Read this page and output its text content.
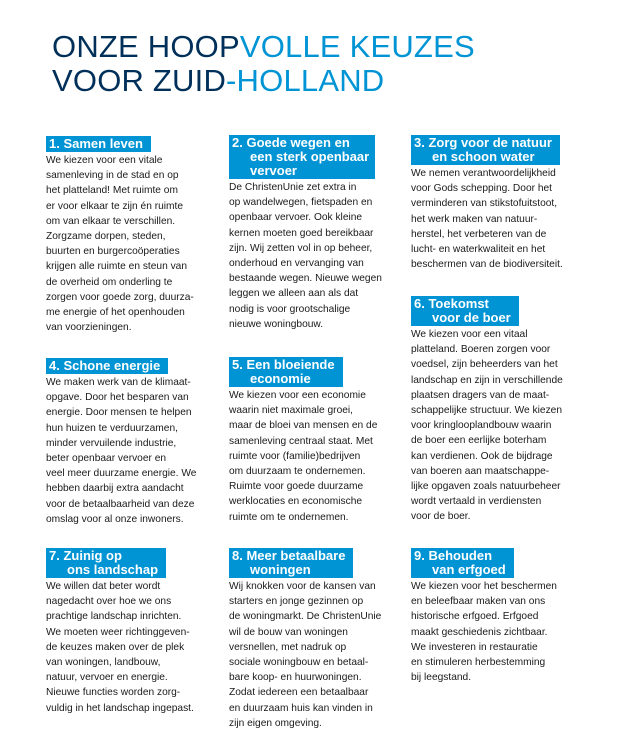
ONZE HOOPVOLLE KEUZES
VOOR ZUID-HOLLAND
1. Samen leven
We kiezen voor een vitale
samenleving in de stad en op
het platteland! Met ruimte om
er voor elkaar te zijn én ruimte
om van elkaar te verschillen.
Zorgzame dorpen, steden,
buurten en burgercoöperaties
krijgen alle ruimte en steun van
de overheid om onderling te
zorgen voor goede zorg, duurza-
me energie of het openhouden
van voorzieningen.
2. Goede wegen en
een sterk openbaar
vervoer
De ChristenUnie zet extra in
op wandelwegen, fietspaden en
openbaar vervoer. Ook kleine
kernen moeten goed bereikbaar
zijn. Wij zetten vol in op beheer,
onderhoud en vervanging van
bestaande wegen. Nieuwe wegen
leggen we alleen aan als dat
nodig is voor grootschalige
nieuwe woningbouw.
3. Zorg voor de natuur
en schoon water
We nemen verantwoordelijkheid
voor Gods schepping. Door het
verminderen van stikstofuitstoot,
het werk maken van natuur-
herstel, het verbeteren van de
lucht- en waterkwaliteit en het
beschermen van de biodiversiteit.
4. Schone energie
We maken werk van de klimaat-
opgave. Door het besparen van
energie. Door mensen te helpen
hun huizen te verduurzamen,
minder vervuilende industrie,
beter openbaar vervoer en
veel meer duurzame energie. We
hebben daarbij extra aandacht
voor de betaalbaarheid van deze
omslag voor al onze inwoners.
5. Een bloeiende
economie
We kiezen voor een economie
waarin niet maximale groei,
maar de bloei van mensen en de
samenleving centraal staat. Met
ruimte voor (familie)bedrijven
om duurzaam te ondernemen.
Ruimte voor goede duurzame
werklocaties en economische
ruimte om te ondernemen.
6. Toekomst
voor de boer
We kiezen voor een vitaal
platteland. Boeren zorgen voor
voedsel, zijn beheerders van het
landschap en zijn in verschillende
plaatsen dragers van de maat-
schappelijke structuur. We kiezen
voor kringlooplandbouw waarin
de boer een eerlijke boterham
kan verdienen. Ook de bijdrage
van boeren aan maatschappe-
lijke opgaven zoals natuurbeheer
wordt vertaald in verdiensten
voor de boer.
7. Zuinig op
ons landschap
We willen dat beter wordt
nagedacht over hoe we ons
prachtige landschap inrichten.
We moeten weer richtinggeven-
de keuzes maken over de plek
van woningen, landbouw,
natuur, vervoer en energie.
Nieuwe functies worden zorg-
vuldig in het landschap ingepast.
8. Meer betaalbare
woningen
Wij knokken voor de kansen van
starters en jonge gezinnen op
de woningmarkt. De ChristenUnie
wil de bouw van woningen
versnellen, met nadruk op
sociale woningbouw en betaal-
bare koop- en huurwoningen.
Zodat iedereen een betaalbaar
en duurzaam huis kan vinden in
zijn eigen omgeving.
9. Behouden
van erfgoed
We kiezen voor het beschermen
en beleefbaar maken van ons
historische erfgoed. Erfgoed
maakt geschiedenis zichtbaar.
We investeren in restauratie
en stimuleren herbestemming
bij leegstand.
